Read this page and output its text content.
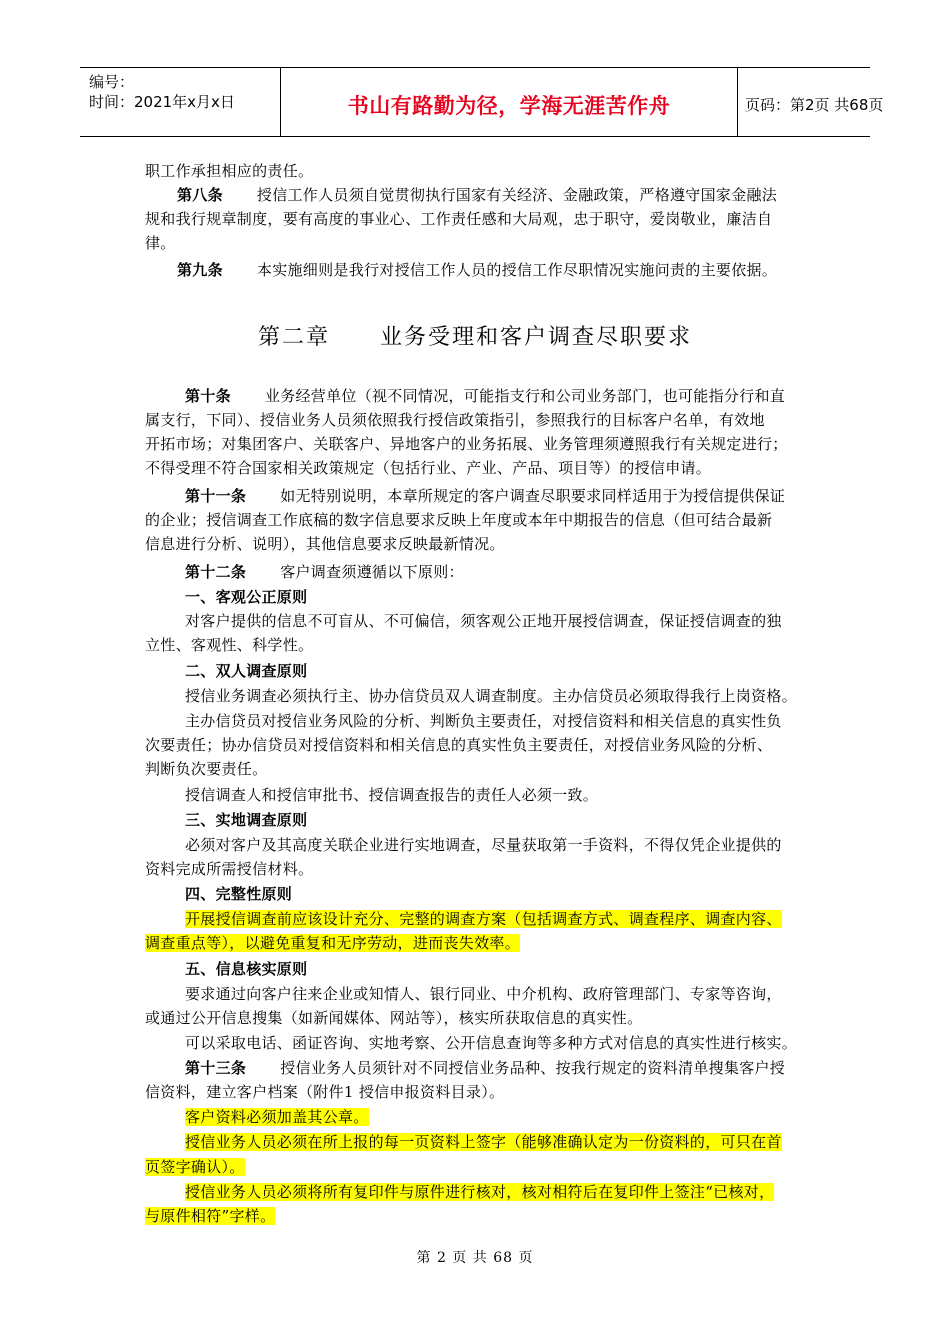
编号：
时间：2021年x月x日	书山有路勤为径，学海无涯苦作舟	页码：第2页 共68页
职工作承担相应的责任。
第八条 授信工作人员须自觉贯彻执行国家有关经济、金融政策，严格遵守国家金融法
规和我行规章制度，要有高度的事业心、工作责任感和大局观，忠于职守，爱岗敬业，廉洁自
律。
第九条 本实施细则是我行对授信工作人员的授信工作尽职情况实施问责的主要依据。
第二章 业务受理和客户调查尽职要求
第十条 业务经营单位（视不同情况，可能指支行和公司业务部门，也可能指分行和直
属支行，下同）、授信业务人员须依照我行授信政策指引，参照我行的目标客户名单，有效地
开拓市场；对集团客户、关联客户、异地客户的业务拓展、业务管理须遵照我行有关规定进行；
不得受理不符合国家相关政策规定（包括行业、产业、产品、项目等）的授信申请。
第十一条 如无特别说明，本章所规定的客户调查尽职要求同样适用于为授信提供保证
的企业；授信调查工作底稿的数字信息要求反映上年度或本年中期报告的信息（但可结合最新
信息进行分析、说明），其他信息要求反映最新情况。
第十二条 客户调查须遵循以下原则：
一、客观公正原则
对客户提供的信息不可盲从、不可偏信，须客观公正地开展授信调查，保证授信调查的独
立性、客观性、科学性。
二、双人调查原则
授信业务调查必须执行主、协办信贷员双人调查制度。主办信贷员必须取得我行上岗资格。
主办信贷员对授信业务风险的分析、判断负主要责任，对授信资料和相关信息的真实性负
次要责任；协办信贷员对授信资料和相关信息的真实性负主要责任，对授信业务风险的分析、
判断负次要责任。
授信调查人和授信审批书、授信调查报告的责任人必须一致。
三、实地调查原则
必须对客户及其高度关联企业进行实地调查，尽量获取第一手资料，不得仅凭企业提供的
资料完成所需授信材料。
四、完整性原则
开展授信调查前应该设计充分、完整的调查方案（包括调查方式、调查程序、调查内容、
调查重点等），以避免重复和无序劳动，进而丧失效率。
五、信息核实原则
要求通过向客户往来企业或知情人、银行同业、中介机构、政府管理部门、专家等咨询，
或通过公开信息搜集（如新闻媒体、网站等），核实所获取信息的真实性。
可以采取电话、函证咨询、实地考察、公开信息查询等多种方式对信息的真实性进行核实。
第十三条 授信业务人员须针对不同授信业务品种、按我行规定的资料清单搜集客户授
信资料，建立客户档案（附件1 授信申报资料目录）。
客户资料必须加盖其公章。
授信业务人员必须在所上报的每一页资料上签字（能够准确认定为一份资料的，可只在首
页签字确认）。
授信业务人员必须将所有复印件与原件进行核对，核对相符后在复印件上签注“已核对，
与原件相符”字样。
第 2 页 共 68 页
